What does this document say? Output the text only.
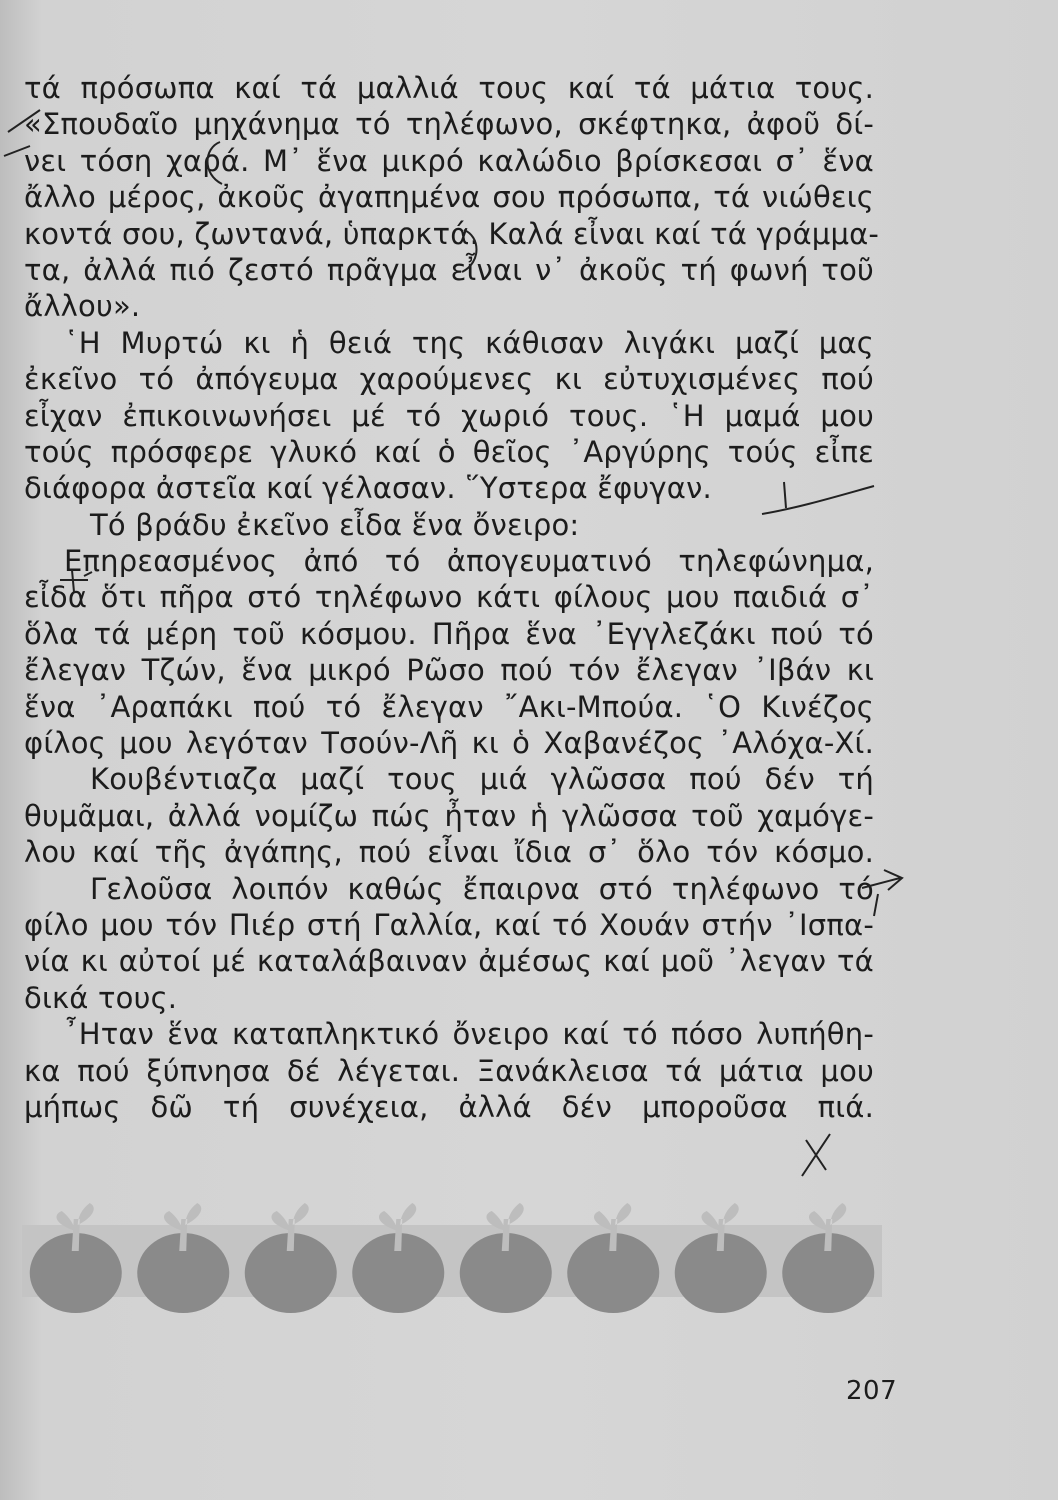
τά πρόσωπα καί τά μαλλιά τους καί τά μάτια τους.
«Σπουδαῖο μηχάνημα τό τηλέφωνο, σκέφτηκα, ἀφοῦ δί-
νει τόση χαρά. Μ᾽ ἕνα μικρό καλώδιο βρίσκεσαι σ᾽ ἕνα
ἄλλο μέρος, ἀκοῦς ἀγαπημένα σου πρόσωπα, τά νιώθεις
κοντά σου, ζωντανά, ὑπαρκτά. Καλά εἶναι καί τά γράμμα-
τα, ἀλλά πιό ζεστό πρᾶγμα εἶναι ν᾽ ἀκοῦς τή φωνή τοῦ
ἄλλου».
῾Η Μυρτώ κι ἡ θειά της κάθισαν λιγάκι μαζί μας
ἐκεῖνο τό ἀπόγευμα χαρούμενες κι εὐτυχισμένες πού
εἶχαν ἐπικοινωνήσει μέ τό χωριό τους. ῾Η μαμά μου
τούς πρόσφερε γλυκό καί ὁ θεῖος ᾽Αργύρης τούς εἶπε
διάφορα ἀστεῖα καί γέλασαν. ῞Υστερα ἔφυγαν.
Τό βράδυ ἐκεῖνο εἶδα ἕνα ὄνειρο:
Επηρεασμένος ἀπό τό ἀπογευματινό τηλεφώνημα,
εἶδα ὅτι πῆρα στό τηλέφωνο κάτι φίλους μου παιδιά σ᾽
ὅλα τά μέρη τοῦ κόσμου. Πῆρα ἕνα ᾽Εγγλεζάκι πού τό
ἔλεγαν Τζών, ἕνα μικρό Ρῶσο πού τόν ἔλεγαν ᾽Ιβάν κι
ἕνα ᾽Αραπάκι πού τό ἔλεγαν ῎Ακι-Μπούα. ῾Ο Κινέζος
φίλος μου λεγόταν Τσούν-Λῆ κι ὁ Χαβανέζος ᾽Αλόχα-Χί.
Κουβέντιαζα μαζί τους μιά γλῶσσα πού δέν τή
θυμᾶμαι, ἀλλά νομίζω πώς ἦταν ἡ γλῶσσα τοῦ χαμόγε-
λου καί τῆς ἀγάπης, πού εἶναι ἴδια σ᾽ ὅλο τόν κόσμο.
Γελοῦσα λοιπόν καθώς ἔπαιρνα στό τηλέφωνο τό
φίλο μου τόν Πιέρ στή Γαλλία, καί τό Χουάν στήν ᾽Ισπα-
νία κι αὐτοί μέ καταλάβαιναν ἀμέσως καί μοῦ ᾽λεγαν τά
δικά τους.
῏Ηταν ἕνα καταπληκτικό ὄνειρο καί τό πόσο λυπήθη-
κα πού ξύπνησα δέ λέγεται. Ξανάκλεισα τά μάτια μου
μήπως δῶ τή συνέχεια, ἀλλά δέν μποροῦσα πιά.
207
